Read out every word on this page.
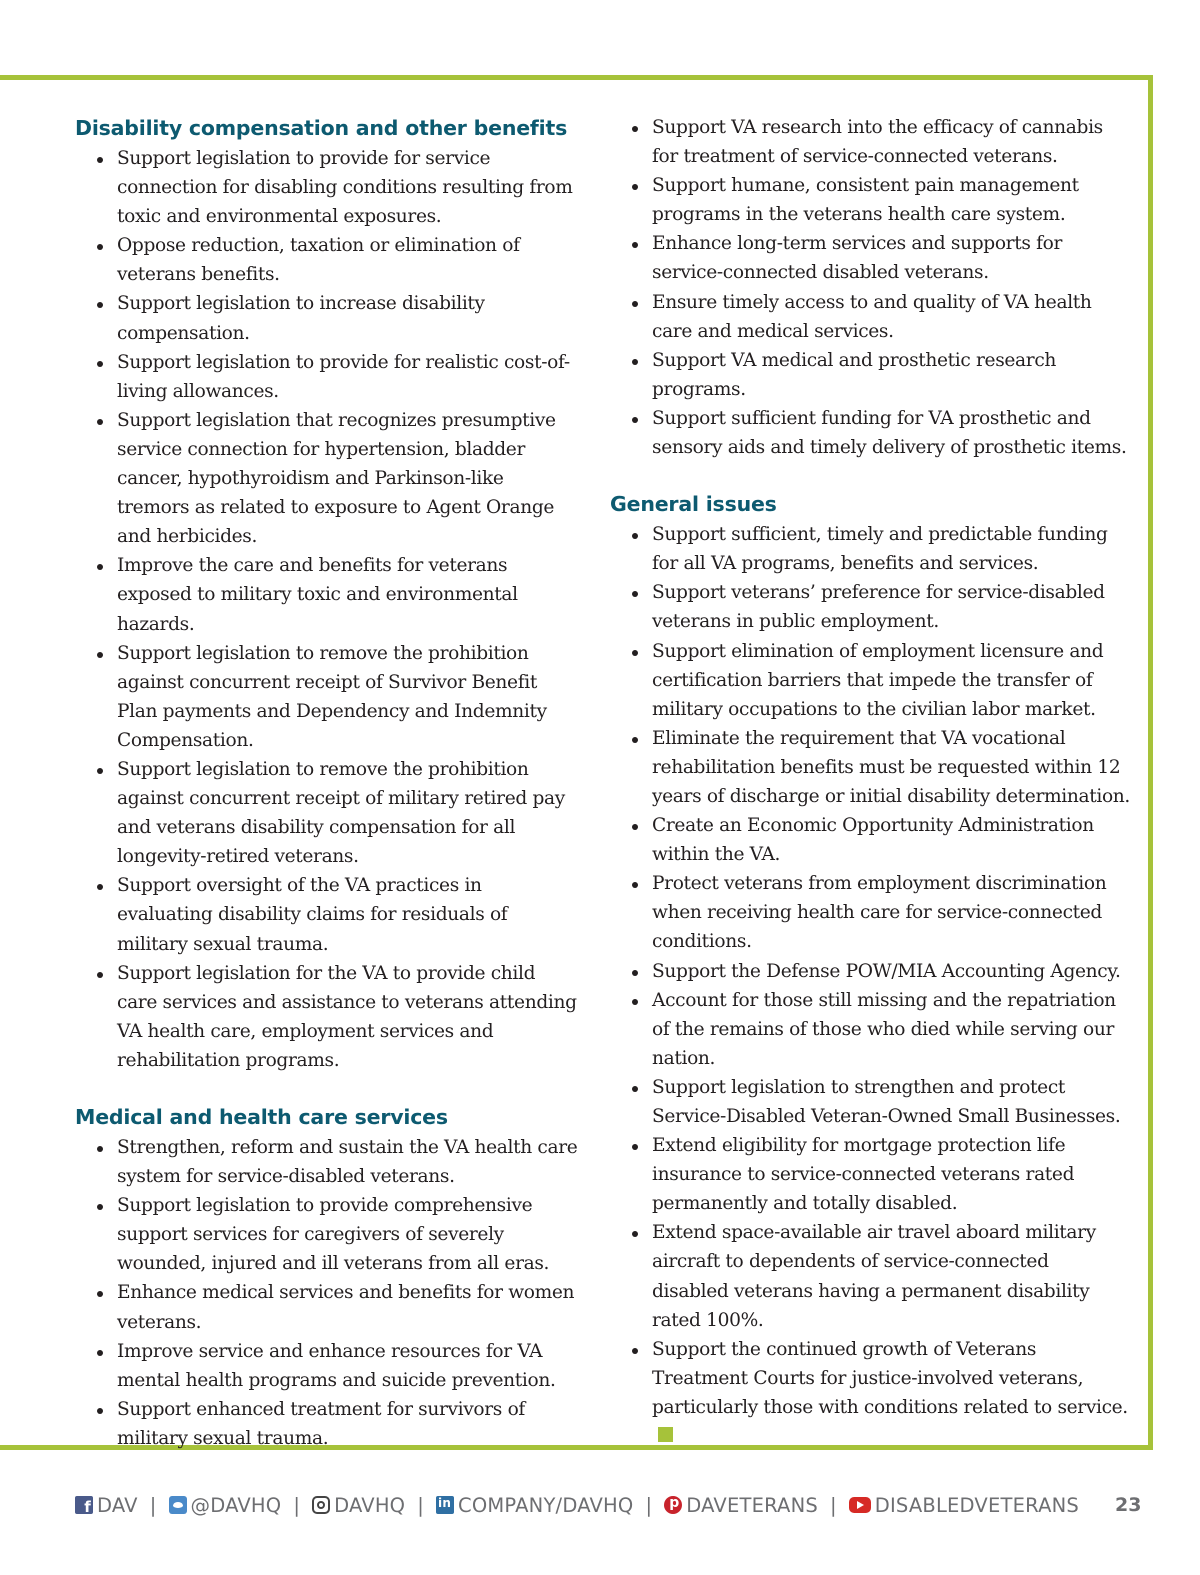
Disability compensation and other benefits
Support legislation to provide for service connection for disabling conditions resulting from toxic and environmental exposures.
Oppose reduction, taxation or elimination of veterans benefits.
Support legislation to increase disability compensation.
Support legislation to provide for realistic cost-of-living allowances.
Support legislation that recognizes presumptive service connection for hypertension, bladder cancer, hypothyroidism and Parkinson-like tremors as related to exposure to Agent Orange and herbicides.
Improve the care and benefits for veterans exposed to military toxic and environmental hazards.
Support legislation to remove the prohibition against concurrent receipt of Survivor Benefit Plan payments and Dependency and Indemnity Compensation.
Support legislation to remove the prohibition against concurrent receipt of military retired pay and veterans disability compensation for all longevity-retired veterans.
Support oversight of the VA practices in evaluating disability claims for residuals of military sexual trauma.
Support legislation for the VA to provide child care services and assistance to veterans attending VA health care, employment services and rehabilitation programs.
Medical and health care services
Strengthen, reform and sustain the VA health care system for service-disabled veterans.
Support legislation to provide comprehensive support services for caregivers of severely wounded, injured and ill veterans from all eras.
Enhance medical services and benefits for women veterans.
Improve service and enhance resources for VA mental health programs and suicide prevention.
Support enhanced treatment for survivors of military sexual trauma.
Support VA research into the efficacy of cannabis for treatment of service-connected veterans.
Support humane, consistent pain management programs in the veterans health care system.
Enhance long-term services and supports for service-connected disabled veterans.
Ensure timely access to and quality of VA health care and medical services.
Support VA medical and prosthetic research programs.
Support sufficient funding for VA prosthetic and sensory aids and timely delivery of prosthetic items.
General issues
Support sufficient, timely and predictable funding for all VA programs, benefits and services.
Support veterans’ preference for service-disabled veterans in public employment.
Support elimination of employment licensure and certification barriers that impede the transfer of military occupations to the civilian labor market.
Eliminate the requirement that VA vocational rehabilitation benefits must be requested within 12 years of discharge or initial disability determination.
Create an Economic Opportunity Administration within the VA.
Protect veterans from employment discrimination when receiving health care for service-connected conditions.
Support the Defense POW/MIA Accounting Agency.
Account for those still missing and the repatriation of the remains of those who died while serving our nation.
Support legislation to strengthen and protect Service-Disabled Veteran-Owned Small Businesses.
Extend eligibility for mortgage protection life insurance to service-connected veterans rated permanently and totally disabled.
Extend space-available air travel aboard military aircraft to dependents of service-connected disabled veterans having a permanent disability rated 100%.
Support the continued growth of Veterans Treatment Courts for justice-involved veterans, particularly those with conditions related to service.
f
DAV | @DAVHQ | DAVHQ | in COMPANY/DAVHQ | p DAVETERANS | DISABLEDVETERANS 23
